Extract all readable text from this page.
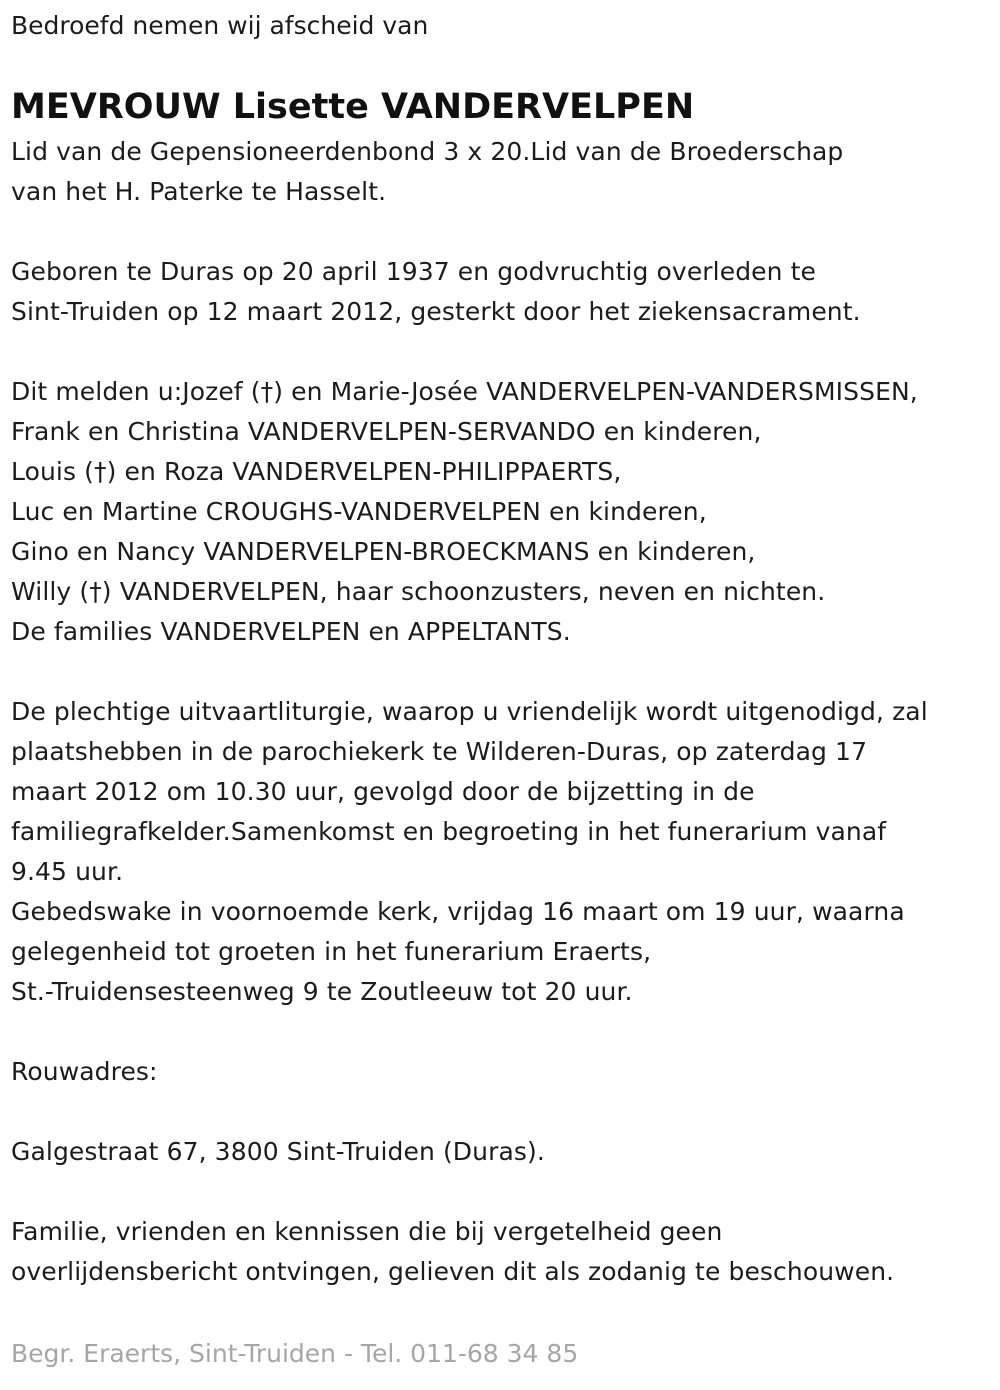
Bedroefd nemen wij afscheid van
MEVROUW Lisette VANDERVELPEN
Lid van de Gepensioneerdenbond 3 x 20.Lid van de Broederschap
van het H. Paterke te Hasselt.
Geboren te Duras op 20 april 1937 en godvruchtig overleden te
Sint-Truiden op 12 maart 2012, gesterkt door het ziekensacrament.
Dit melden u:Jozef (†) en Marie-Josée VANDERVELPEN-VANDERSMISSEN,
Frank en Christina VANDERVELPEN-SERVANDO en kinderen,
Louis (†) en Roza VANDERVELPEN-PHILIPPAERTS,
Luc en Martine CROUGHS-VANDERVELPEN en kinderen,
Gino en Nancy VANDERVELPEN-BROECKMANS en kinderen,
Willy (†) VANDERVELPEN, haar schoonzusters, neven en nichten.
De families VANDERVELPEN en APPELTANTS.
De plechtige uitvaartliturgie, waarop u vriendelijk wordt uitgenodigd, zal
plaatshebben in de parochiekerk te Wilderen-Duras, op zaterdag 17
maart 2012 om 10.30 uur, gevolgd door de bijzetting in de
familiegrafkelder.Samenkomst en begroeting in het funerarium vanaf
9.45 uur.
Gebedswake in voornoemde kerk, vrijdag 16 maart om 19 uur, waarna
gelegenheid tot groeten in het funerarium Eraerts,
St.-Truidensesteenweg 9 te Zoutleeuw tot 20 uur.
Rouwadres:
Galgestraat 67, 3800 Sint-Truiden (Duras).
Familie, vrienden en kennissen die bij vergetelheid geen
overlijdensbericht ontvingen, gelieven dit als zodanig te beschouwen.
Begr. Eraerts, Sint-Truiden - Tel. 011-68 34 85
